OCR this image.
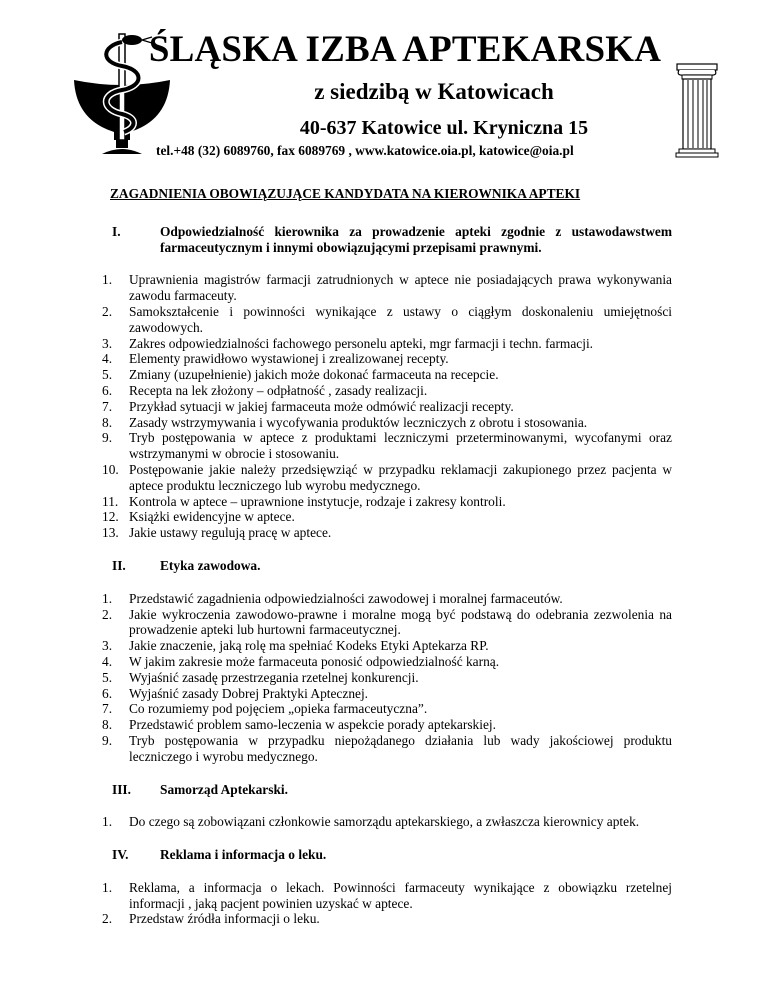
ŚLĄSKA IZBA APTEKARSKA
z siedzibą w Katowicach
40-637 Katowice ul. Kryniczna 15
tel.+48 (32) 6089760, fax 6089769 , www.katowice.oia.pl, katowice@oia.pl
ZAGADNIENIA OBOWIĄZUJĄCE KANDYDATA NA KIEROWNIKA APTEKI
I.	Odpowiedzialność kierownika za prowadzenie apteki zgodnie z ustawodawstwem farmaceutycznym i innymi obowiązującymi przepisami prawnymi.
1.	Uprawnienia magistrów farmacji zatrudnionych w aptece nie posiadających prawa wykonywania zawodu farmaceuty.
2.	Samokształcenie i powinności wynikające z ustawy o ciągłym doskonaleniu umiejętności zawodowych.
3.	Zakres odpowiedzialności fachowego personelu apteki, mgr farmacji i techn. farmacji.
4.	Elementy prawidłowo wystawionej i zrealizowanej recepty.
5.	Zmiany (uzupełnienie) jakich może dokonać farmaceuta na recepcie.
6.	Recepta na lek złożony – odpłatność , zasady realizacji.
7.	Przykład sytuacji w jakiej farmaceuta może odmówić realizacji recepty.
8.	Zasady wstrzymywania i wycofywania produktów leczniczych z obrotu i stosowania.
9.	Tryb postępowania w aptece z produktami leczniczymi przeterminowanymi, wycofanymi oraz wstrzymanymi w obrocie i stosowaniu.
10. Postępowanie jakie należy przedsięwziąć w przypadku reklamacji zakupionego przez pacjenta w aptece produktu leczniczego lub wyrobu medycznego.
11. Kontrola w aptece – uprawnione instytucje, rodzaje i zakresy kontroli.
12. Książki ewidencyjne w aptece.
13. Jakie ustawy regulują pracę w aptece.
II.	Etyka zawodowa.
1.	Przedstawić zagadnienia odpowiedzialności zawodowej i moralnej farmaceutów.
2.	Jakie wykroczenia zawodowo-prawne i moralne mogą być podstawą do odebrania zezwolenia na prowadzenie apteki lub hurtowni farmaceutycznej.
3.	Jakie znaczenie, jaką rolę ma spełniać Kodeks Etyki Aptekarza RP.
4.	W jakim zakresie może farmaceuta ponosić odpowiedzialność karną.
5.	Wyjaśnić zasadę przestrzegania rzetelnej konkurencji.
6.	Wyjaśnić zasady Dobrej Praktyki Aptecznej.
7.	Co rozumiemy pod pojęciem „opieka farmaceutyczna”.
8.	Przedstawić problem samo-leczenia w aspekcie porady aptekarskiej.
9.	Tryb postępowania w przypadku niepożądanego działania lub wady jakościowej produktu leczniczego i wyrobu medycznego.
III.	Samorząd Aptekarski.
1.	Do czego są zobowiązani członkowie samorządu aptekarskiego, a zwłaszcza kierownicy aptek.
IV.	Reklama i informacja o leku.
1.	Reklama, a informacja o lekach. Powinności farmaceuty wynikające z obowiązku rzetelnej informacji , jaką pacjent powinien uzyskać w aptece.
2.	Przedstaw źródła informacji o leku.
